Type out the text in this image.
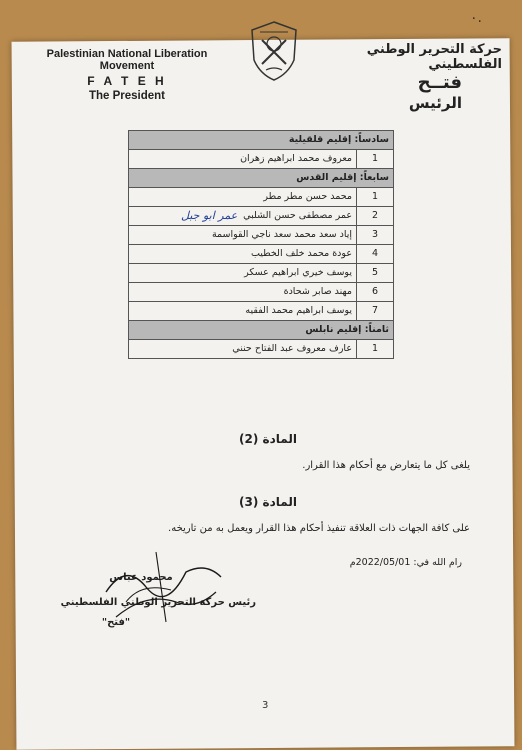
٠.
Palestinian National Liberation Movement
F A T E H
The President
حركة التحرير الوطني الفلسطيني
فتــح
الرئيس
سادساً: إقليم قلقيلية	
1	معروف محمد ابراهيم زهران
سابعاً: إقليم القدس	
1	محمد حسن مطر مطر
2	عمر مصطفى حسن الشلبي
عمر ابو جبل

3	إياد سعد محمد سعد ناجي القواسمة
4	عودة محمد خلف الخطيب
5	يوسف خيري ابراهيم عسكر
6	مهند صابر شحادة
7	يوسف ابراهيم محمد الفقيه
ثامناً: إقليم نابلس	
1	عارف معروف عبد الفتاح حنني
المادة (2)
يلغى كل ما يتعارض مع أحكام هذا القرار.
المادة (3)
على كافة الجهات ذات العلاقة تنفيذ أحكام هذا القرار ويعمل به من تاريخه.
رام الله في: 2022/05/01م
محمود عباس
رئيس حركة التحرير الوطني الفلسطيني
"فتح"
3
